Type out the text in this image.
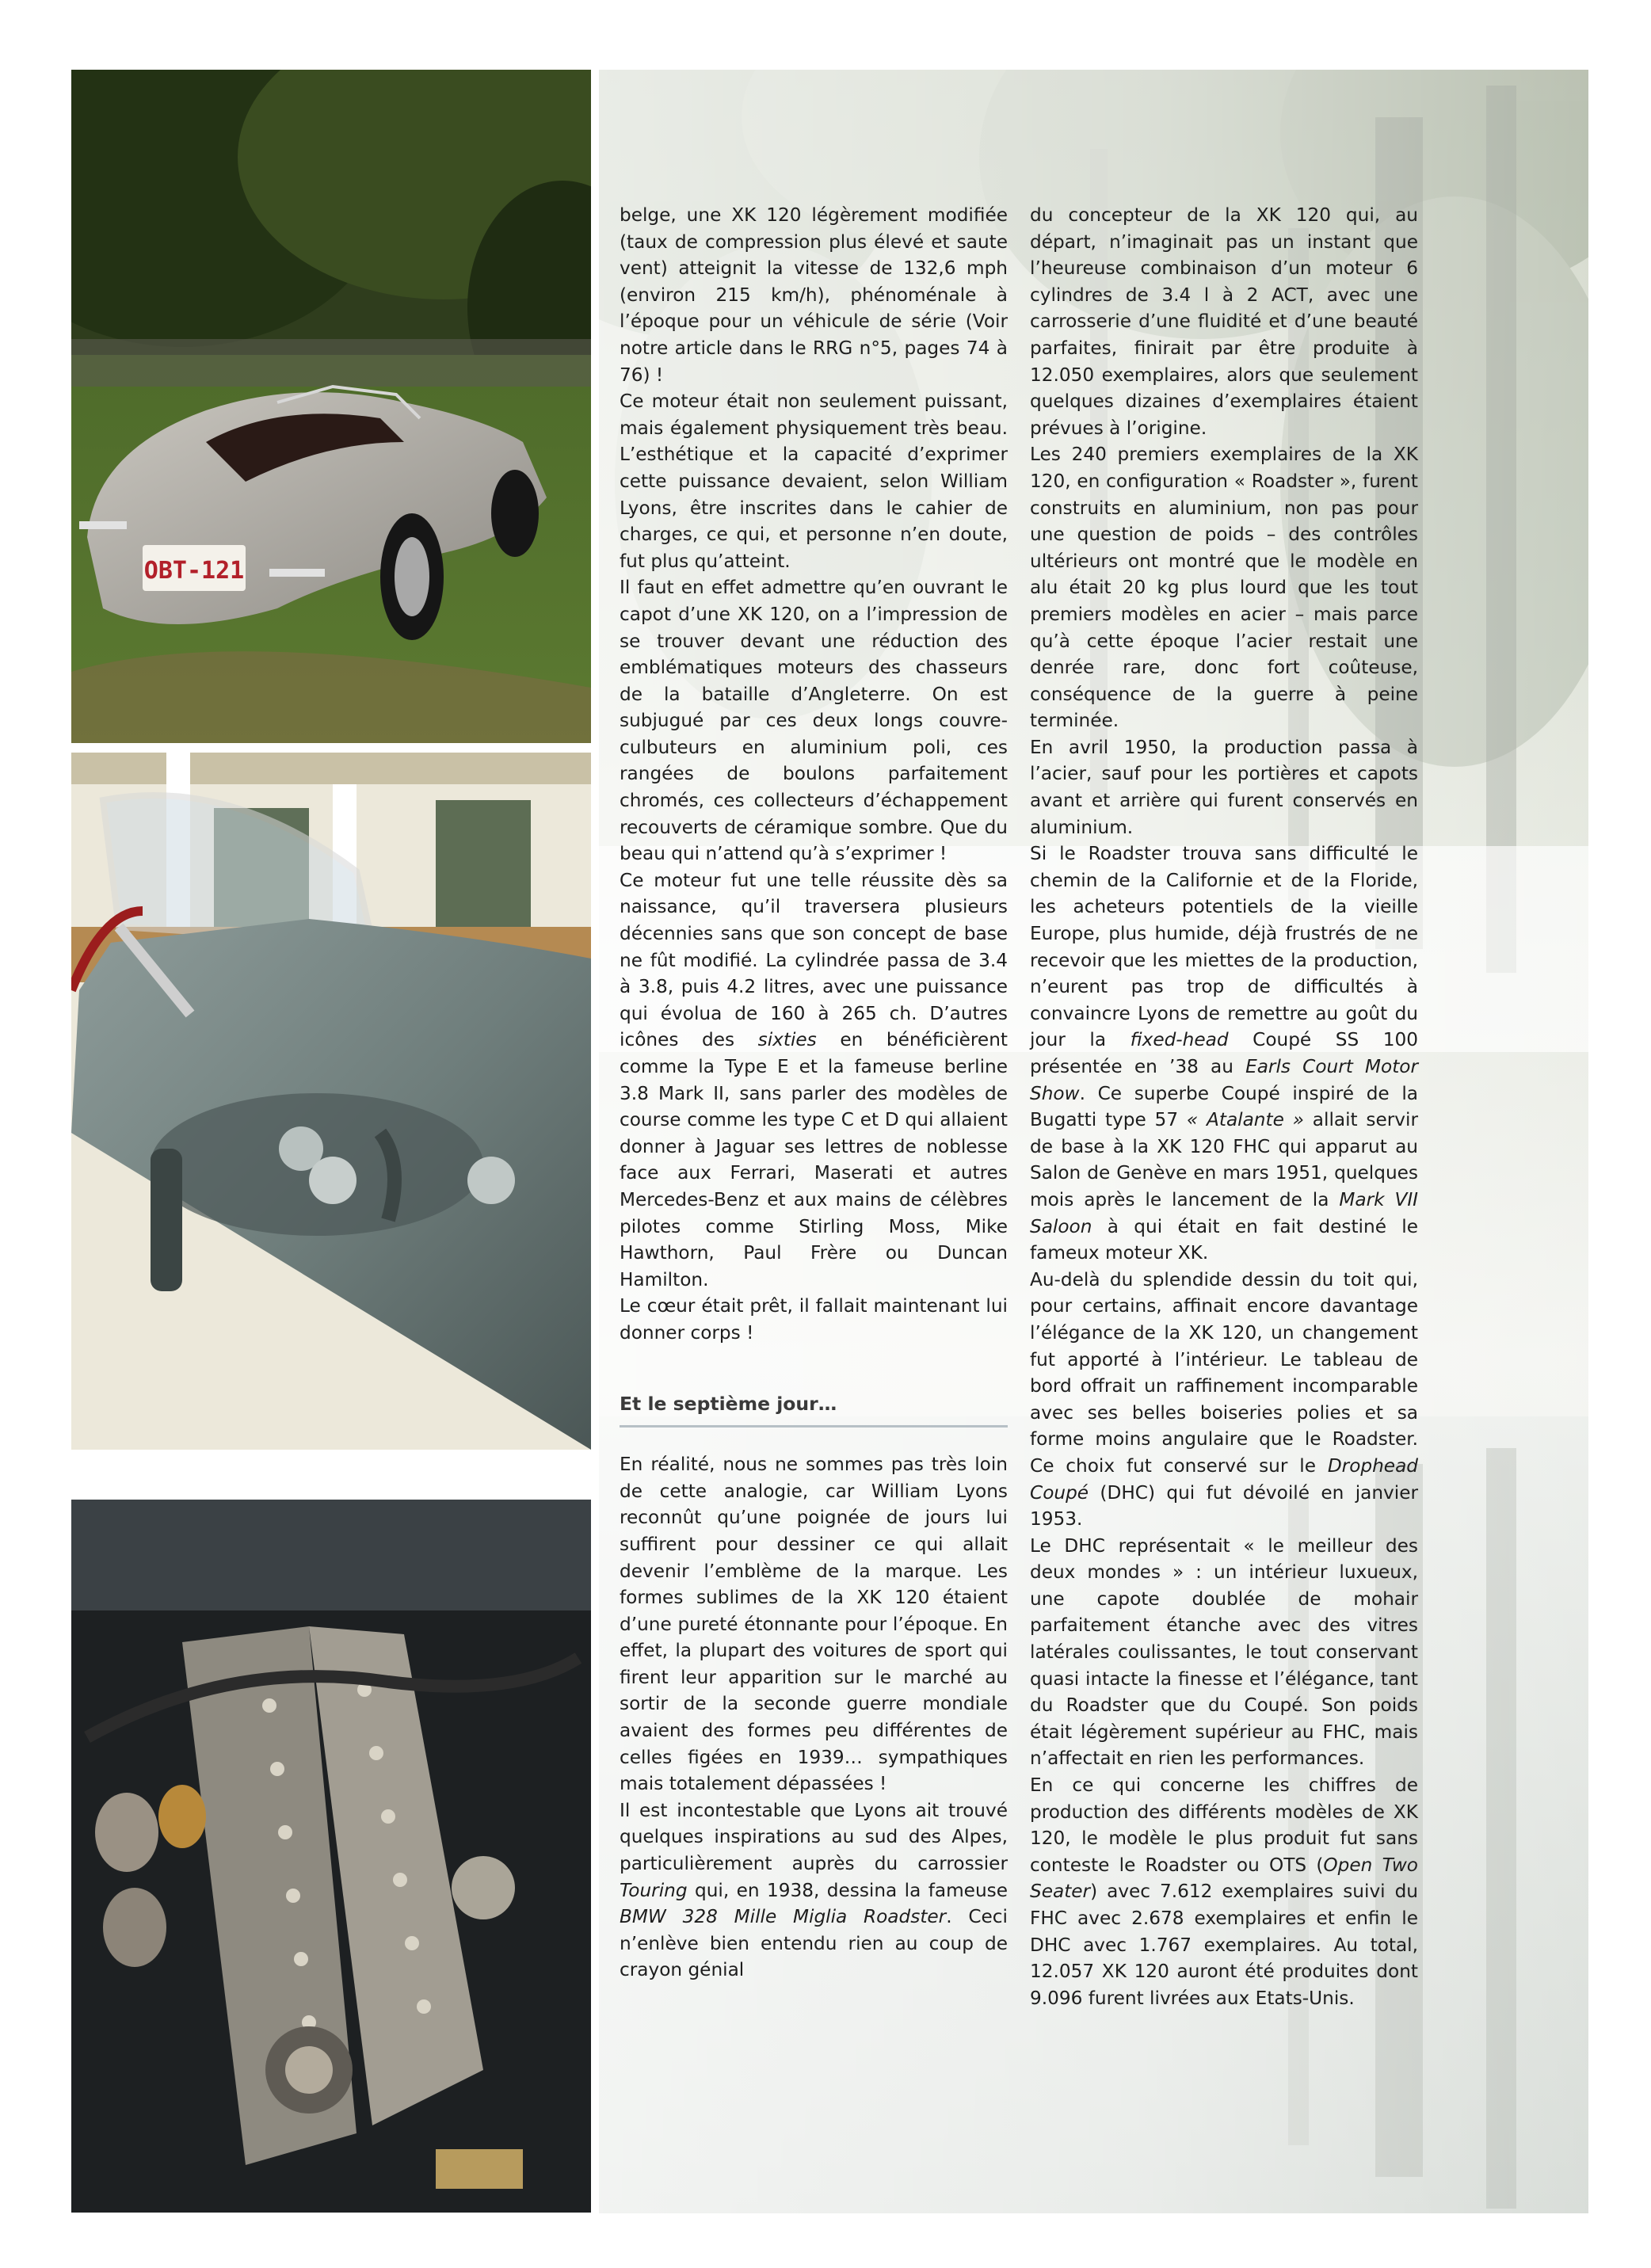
OBT-121

belge, une XK 120 légèrement modifiée (taux de compression plus élevé et saute vent) atteignit la vitesse de 132,6 mph (environ 215 km/h), phénoménale à l’époque pour un véhicule de série (Voir notre article dans le RRG n°5, pages 74 à 76) !

Ce moteur était non seulement puissant, mais également physiquement très beau. L’esthétique et la capacité d’exprimer cette puissance devaient, selon William Lyons, être inscrites dans le cahier de charges, ce qui, et personne n’en doute, fut plus qu’atteint.

Il faut en effet admettre qu’en ouvrant le capot d’une XK 120, on a l’impression de se trouver devant une réduction des emblématiques moteurs des chasseurs de la bataille d’Angleterre. On est subjugué par ces deux longs couvre-culbuteurs en aluminium poli, ces rangées de boulons parfaitement chromés, ces collecteurs d’échappement recouverts de céramique sombre. Que du beau qui n’attend qu’à s’exprimer !

Ce moteur fut une telle réussite dès sa naissance, qu’il traversera plusieurs décennies sans que son concept de base ne fût modifié. La cylindrée passa de 3.4 à 3.8, puis 4.2 litres, avec une puissance qui évolua de 160 à 265 ch. D’autres icônes des sixties en bénéficièrent comme la Type E et la fameuse berline 3.8 Mark II, sans parler des modèles de course comme les type C et D qui allaient donner à Jaguar ses lettres de noblesse face aux Ferrari, Maserati et autres Mercedes-Benz et aux mains de célèbres pilotes comme Stirling Moss, Mike Hawthorn, Paul Frère ou Duncan Hamilton.

Le cœur était prêt, il fallait maintenant lui donner corps !

Et le septième jour…

En réalité, nous ne sommes pas très loin de cette analogie, car William Lyons reconnût qu’une poignée de jours lui suffirent pour dessiner ce qui allait devenir l’emblème de la marque. Les formes sublimes de la XK 120 étaient d’une pureté étonnante pour l’époque. En effet, la plupart des voitures de sport qui firent leur apparition sur le marché au sortir de la seconde guerre mondiale avaient des formes peu différentes de celles figées en 1939… sympathiques mais totalement dépassées !

Il est incontestable que Lyons ait trouvé quelques inspirations au sud des Alpes, particulièrement auprès du carrossier Touring qui, en 1938, dessina la fameuse BMW 328 Mille Miglia Roadster. Ceci n’enlève bien entendu rien au coup de crayon génial

du concepteur de la XK 120 qui, au départ, n’imaginait pas un instant que l’heureuse combinaison d’un moteur 6 cylindres de 3.4 l à 2 ACT, avec une carrosserie d’une fluidité et d’une beauté parfaites, finirait par être produite à 12.050 exemplaires, alors que seulement quelques dizaines d’exemplaires étaient prévues à l’origine.

Les 240 premiers exemplaires de la XK 120, en configuration « Roadster », furent construits en aluminium, non pas pour une question de poids – des contrôles ultérieurs ont montré que le modèle en alu était 20 kg plus lourd que les tout premiers modèles en acier – mais parce qu’à cette époque l’acier restait une denrée rare, donc fort coûteuse, conséquence de la guerre à peine terminée.

En avril 1950, la production passa à l’acier, sauf pour les portières et capots avant et arrière qui furent conservés en aluminium.

Si le Roadster trouva sans difficulté le chemin de la Californie et de la Floride, les acheteurs potentiels de la vieille Europe, plus humide, déjà frustrés de ne recevoir que les miettes de la production, n’eurent pas trop de difficultés à convaincre Lyons de remettre au goût du jour la fixed-head Coupé SS 100 présentée en ’38 au Earls Court Motor Show. Ce superbe Coupé inspiré de la Bugatti type 57 « Atalante » allait servir de base à la XK 120 FHC qui apparut au Salon de Genève en mars 1951, quelques mois après le lancement de la Mark VII Saloon à qui était en fait destiné le fameux moteur XK.

Au-delà du splendide dessin du toit qui, pour certains, affinait encore davantage l’élégance de la XK 120, un changement fut apporté à l’intérieur. Le tableau de bord offrait un raffinement incomparable avec ses belles boiseries polies et sa forme moins angulaire que le Roadster. Ce choix fut conservé sur le Drophead Coupé (DHC) qui fut dévoilé en janvier 1953.

Le DHC représentait « le meilleur des deux mondes » : un intérieur luxueux, une capote doublée de mohair parfaitement étanche avec des vitres latérales coulissantes, le tout conservant quasi intacte la finesse et l’élégance, tant du Roadster que du Coupé. Son poids était légèrement supérieur au FHC, mais n’affectait en rien les performances.

En ce qui concerne les chiffres de production des différents modèles de XK 120, le modèle le plus produit fut sans conteste le Roadster ou OTS (Open Two Seater) avec 7.612 exemplaires suivi du FHC avec 2.678 exemplaires et enfin le DHC avec 1.767 exemplaires. Au total, 12.057 XK 120 auront été produites dont 9.096 furent livrées aux Etats-Unis.
